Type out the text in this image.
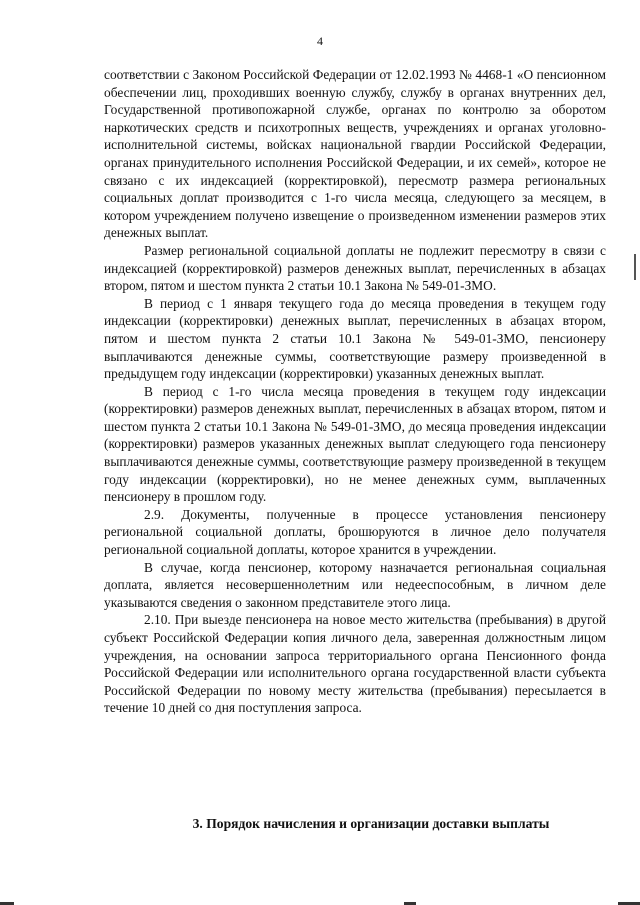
4

соответствии с Законом Российской Федерации от 12.02.1993 № 4468-1 «О пенсионном обеспечении лиц, проходивших военную службу, службу в органах внутренних дел, Государственной противопожарной службе, органах по контролю за оборотом наркотических средств и психотропных веществ, учреждениях и органах уголовно-исполнительной системы, войсках национальной гвардии Российской Федерации, органах принудительного исполнения Российской Федерации, и их семей», которое не связано с их индексацией (корректировкой), пересмотр размера региональных социальных доплат производится с 1-го числа месяца, следующего за месяцем, в котором учреждением получено извещение о произведенном изменении размеров этих денежных выплат.

Размер региональной социальной доплаты не подлежит пересмотру в связи с индексацией (корректировкой) размеров денежных выплат, перечисленных в абзацах втором, пятом и шестом пункта 2 статьи 10.1 Закона № 549-01-ЗМО.

В период с 1 января текущего года до месяца проведения в текущем году индексации (корректировки) денежных выплат, перечисленных в абзацах втором, пятом и шестом пункта 2 статьи 10.1 Закона № 549-01-ЗМО, пенсионеру выплачиваются денежные суммы, соответствующие размеру произведенной в предыдущем году индексации (корректировки) указанных денежных выплат.

В период с 1-го числа месяца проведения в текущем году индексации (корректировки) размеров денежных выплат, перечисленных в абзацах втором, пятом и шестом пункта 2 статьи 10.1 Закона № 549-01-ЗМО, до месяца проведения индексации (корректировки) размеров указанных денежных выплат следующего года пенсионеру выплачиваются денежные суммы, соответствующие размеру произведенной в текущем году индексации (корректировки), но не менее денежных сумм, выплаченных пенсионеру в прошлом году.

2.9. Документы, полученные в процессе установления пенсионеру региональной социальной доплаты, брошюруются в личное дело получателя региональной социальной доплаты, которое хранится в учреждении.

В случае, когда пенсионер, которому назначается региональная социальная доплата, является несовершеннолетним или недееспособным, в личном деле указываются сведения о законном представителе этого лица.

2.10. При выезде пенсионера на новое место жительства (пребывания) в другой субъект Российской Федерации копия личного дела, заверенная должностным лицом учреждения, на основании запроса территориального органа Пенсионного фонда Российской Федерации или исполнительного органа государственной власти субъекта Российской Федерации по новому месту жительства (пребывания) пересылается в течение 10 дней со дня поступления запроса.

3. Порядок начисления и организации доставки выплаты
